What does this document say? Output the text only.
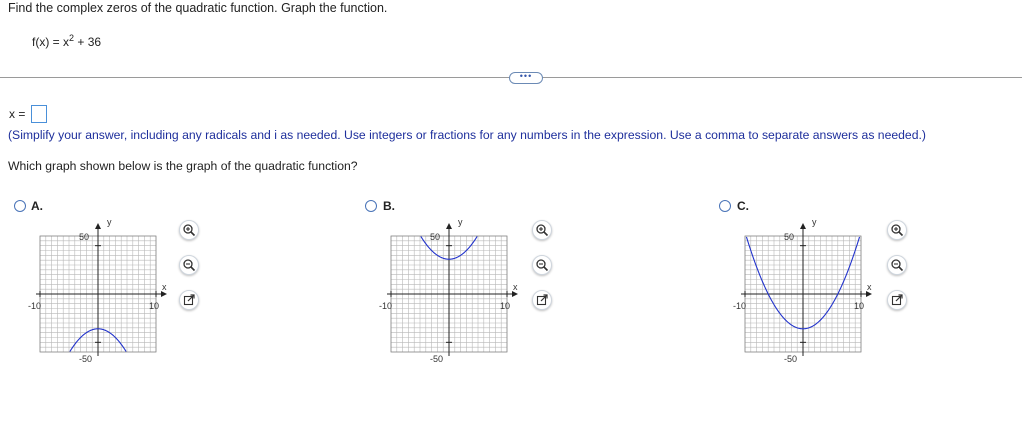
Find the complex zeros of the quadratic function. Graph the function.
$f(x) = x^2 + 36$
•••
x =
(Simplify your answer, including any radicals and i as needed. Use integers or fractions for any numbers in the expression. Use a comma to separate answers as needed.)
Which graph shown below is the graph of the quadratic function?
A.
y
x
50
-50
-10	10
B.
y
x
50
-50
-10	10
C.
y
x
50
-50
-10	10
